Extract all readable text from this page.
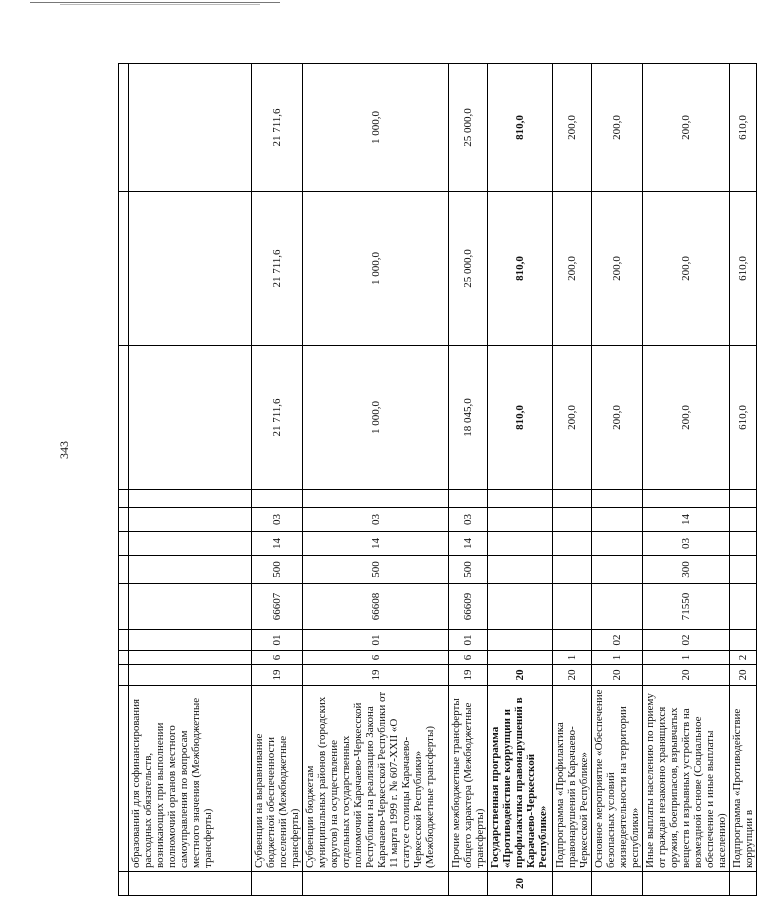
343

	образований для софинансирования расходных обязательств, возникающих при выполнении полномочий органов местного самоуправления по вопросам местного значения (Межбюджетные трансферты)											
	Субвенции на выравнивание бюджетной обеспеченности поселений (Межбюджетные трансферты)	19	6	01	66607	500	14	03		21 711,6	21 711,6	21 711,6
	Субвенции бюджетам муниципальных районов (городских округов) на осуществление отдельных государственных полномочий Карачаево-Черкесской Республики на реализацию Закона Карачаево-Черкесской Республики от 11 марта 1999 г. № 607-XXII «О статусе столицы Карачаево-Черкесской Республики» (Межбюджетные трансферты)	19	6	01	66608	500	14	03		1 000,0	1 000,0	1 000,0
	Прочие межбюджетные трансферты общего характера (Межбюджетные трансферты)	19	6	01	66609	500	14	03		18 045,0	25 000,0	25 000,0
20	Государственная программа «Противодействие коррупции и профилактика правонарушений в Карачаево-Черкесской Республике»	20								810,0	810,0	810,0
	Подпрограмма «Профилактика правонарушений в Карачаево-Черкесской Республике»	20	1							200,0	200,0	200,0
	Основное мероприятие «Обеспечение безопасных условий жизнедеятельности на территории республики»	20	1	02						200,0	200,0	200,0
	Иные выплаты населению по приему от граждан незаконно хранящихся оружия, боеприпасов, взрывчатых веществ и взрывных устройств на возмездной основе (Социальное обеспечение и иные выплаты населению)	20	1	02	71550	300	03	14		200,0	200,0	200,0
	Подпрограмма «Противодействие коррупции в	20	2							610,0	610,0	610,0
